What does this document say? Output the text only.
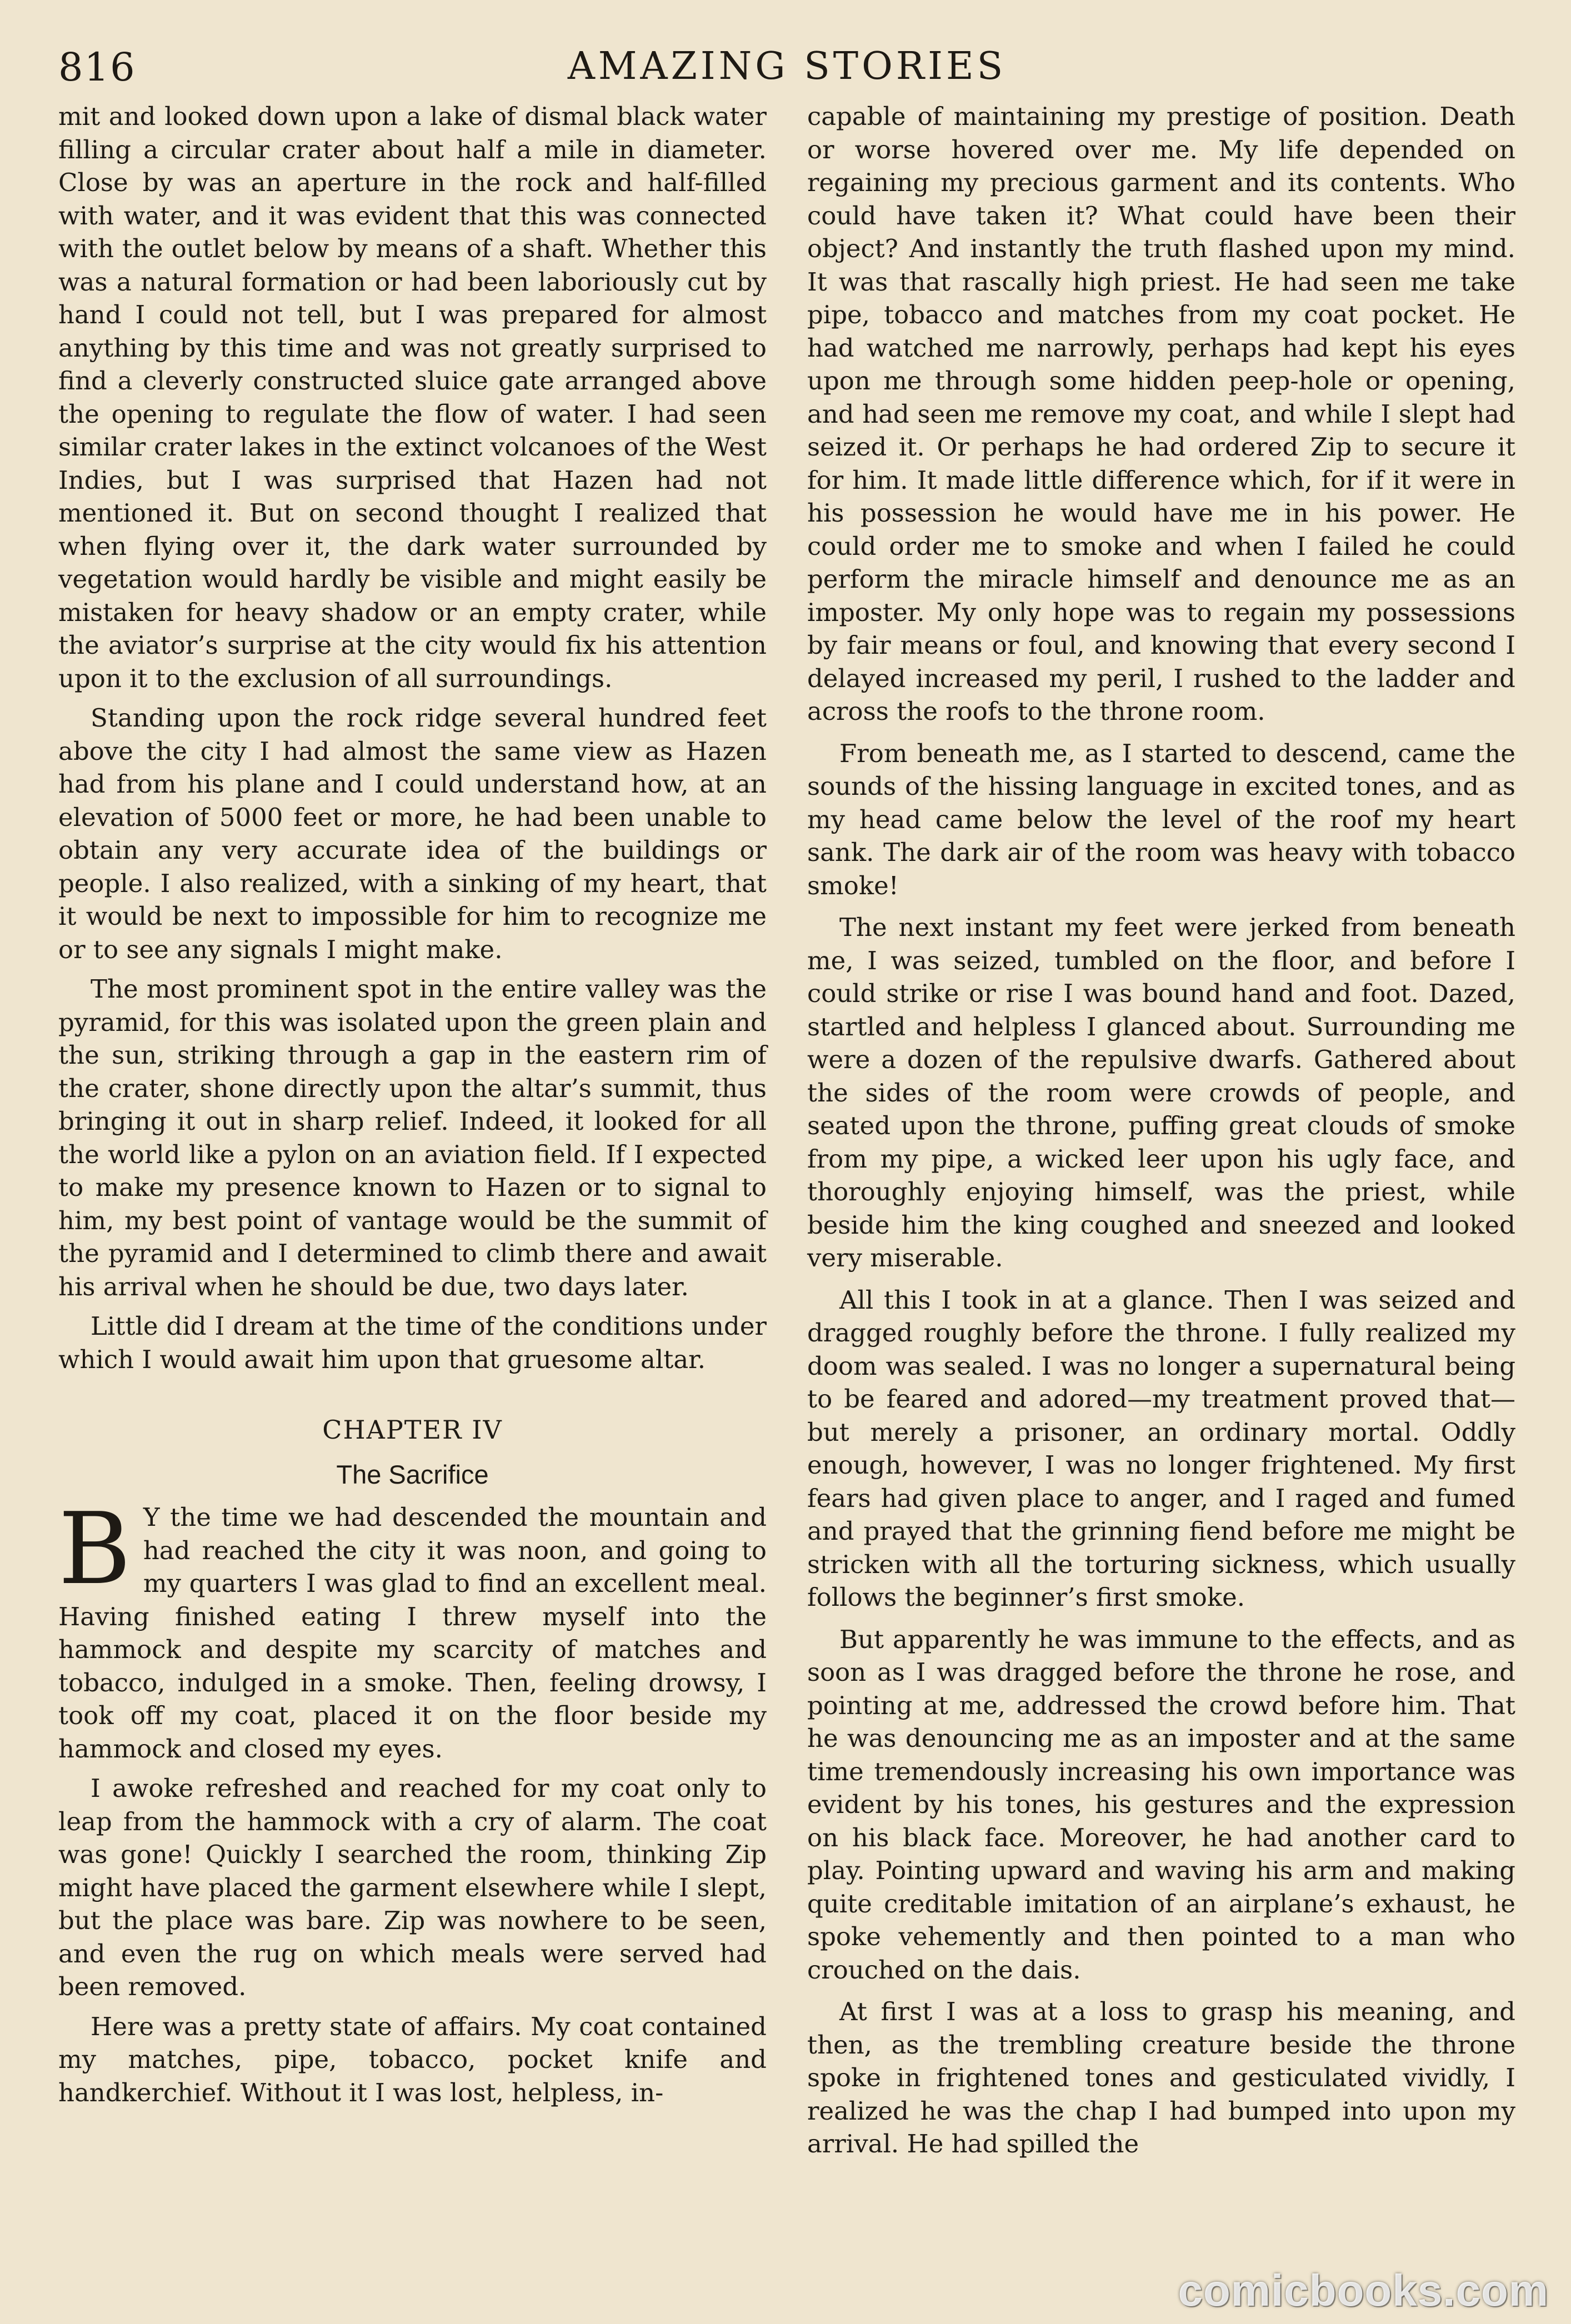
816	AMAZING STORIES

mit and looked down upon a lake of dismal black water filling a circular crater about half a mile in diameter. Close by was an aperture in the rock and half-filled with water, and it was evident that this was connected with the outlet below by means of a shaft. Whether this was a natural formation or had been laboriously cut by hand I could not tell, but I was prepared for almost anything by this time and was not greatly surprised to find a cleverly constructed sluice gate arranged above the opening to regulate the flow of water. I had seen similar crater lakes in the extinct volcanoes of the West Indies, but I was surprised that Hazen had not mentioned it. But on second thought I realized that when flying over it, the dark water surrounded by vegetation would hardly be visible and might easily be mistaken for heavy shadow or an empty crater, while the aviator’s surprise at the city would fix his attention upon it to the exclusion of all surroundings.

Standing upon the rock ridge several hundred feet above the city I had almost the same view as Hazen had from his plane and I could understand how, at an elevation of 5000 feet or more, he had been unable to obtain any very accurate idea of the buildings or people. I also realized, with a sinking of my heart, that it would be next to impossible for him to recognize me or to see any signals I might make.

The most prominent spot in the entire valley was the pyramid, for this was isolated upon the green plain and the sun, striking through a gap in the eastern rim of the crater, shone directly upon the altar’s summit, thus bringing it out in sharp relief. Indeed, it looked for all the world like a pylon on an aviation field. If I expected to make my presence known to Hazen or to signal to him, my best point of vantage would be the summit of the pyramid and I determined to climb there and await his arrival when he should be due, two days later.

Little did I dream at the time of the conditions under which I would await him upon that gruesome altar.

CHAPTER IV
The Sacrifice

B Y the time we had descended the mountain and had reached the city it was noon, and going to my quarters I was glad to find an excellent meal. Having finished eating I threw myself into the hammock and despite my scarcity of matches and tobacco, indulged in a smoke. Then, feeling drowsy, I took off my coat, placed it on the floor beside my hammock and closed my eyes.

I awoke refreshed and reached for my coat only to leap from the hammock with a cry of alarm. The coat was gone! Quickly I searched the room, thinking Zip might have placed the garment elsewhere while I slept, but the place was bare. Zip was nowhere to be seen, and even the rug on which meals were served had been removed.

Here was a pretty state of affairs. My coat contained my matches, pipe, tobacco, pocket knife and handkerchief. Without it I was lost, helpless, in-

capable of maintaining my prestige of position. Death or worse hovered over me. My life depended on regaining my precious garment and its contents. Who could have taken it? What could have been their object? And instantly the truth flashed upon my mind. It was that rascally high priest. He had seen me take pipe, tobacco and matches from my coat pocket. He had watched me narrowly, perhaps had kept his eyes upon me through some hidden peep-hole or opening, and had seen me remove my coat, and while I slept had seized it. Or perhaps he had ordered Zip to secure it for him. It made little difference which, for if it were in his possession he would have me in his power. He could order me to smoke and when I failed he could perform the miracle himself and denounce me as an imposter. My only hope was to regain my possessions by fair means or foul, and knowing that every second I delayed increased my peril, I rushed to the ladder and across the roofs to the throne room.

From beneath me, as I started to descend, came the sounds of the hissing language in excited tones, and as my head came below the level of the roof my heart sank. The dark air of the room was heavy with tobacco smoke!

The next instant my feet were jerked from beneath me, I was seized, tumbled on the floor, and before I could strike or rise I was bound hand and foot. Dazed, startled and helpless I glanced about. Surrounding me were a dozen of the repulsive dwarfs. Gathered about the sides of the room were crowds of people, and seated upon the throne, puffing great clouds of smoke from my pipe, a wicked leer upon his ugly face, and thoroughly enjoying himself, was the priest, while beside him the king coughed and sneezed and looked very miserable.

All this I took in at a glance. Then I was seized and dragged roughly before the throne. I fully realized my doom was sealed. I was no longer a supernatural being to be feared and adored—my treatment proved that—but merely a prisoner, an ordinary mortal. Oddly enough, however, I was no longer frightened. My first fears had given place to anger, and I raged and fumed and prayed that the grinning fiend before me might be stricken with all the torturing sickness, which usually follows the beginner’s first smoke.

But apparently he was immune to the effects, and as soon as I was dragged before the throne he rose, and pointing at me, addressed the crowd before him. That he was denouncing me as an imposter and at the same time tremendously increasing his own importance was evident by his tones, his gestures and the expression on his black face. Moreover, he had another card to play. Pointing upward and waving his arm and making quite creditable imitation of an airplane’s exhaust, he spoke vehemently and then pointed to a man who crouched on the dais.

At first I was at a loss to grasp his meaning, and then, as the trembling creature beside the throne spoke in frightened tones and gesticulated vividly, I realized he was the chap I had bumped into upon my arrival. He had spilled the

comicbooks.com
